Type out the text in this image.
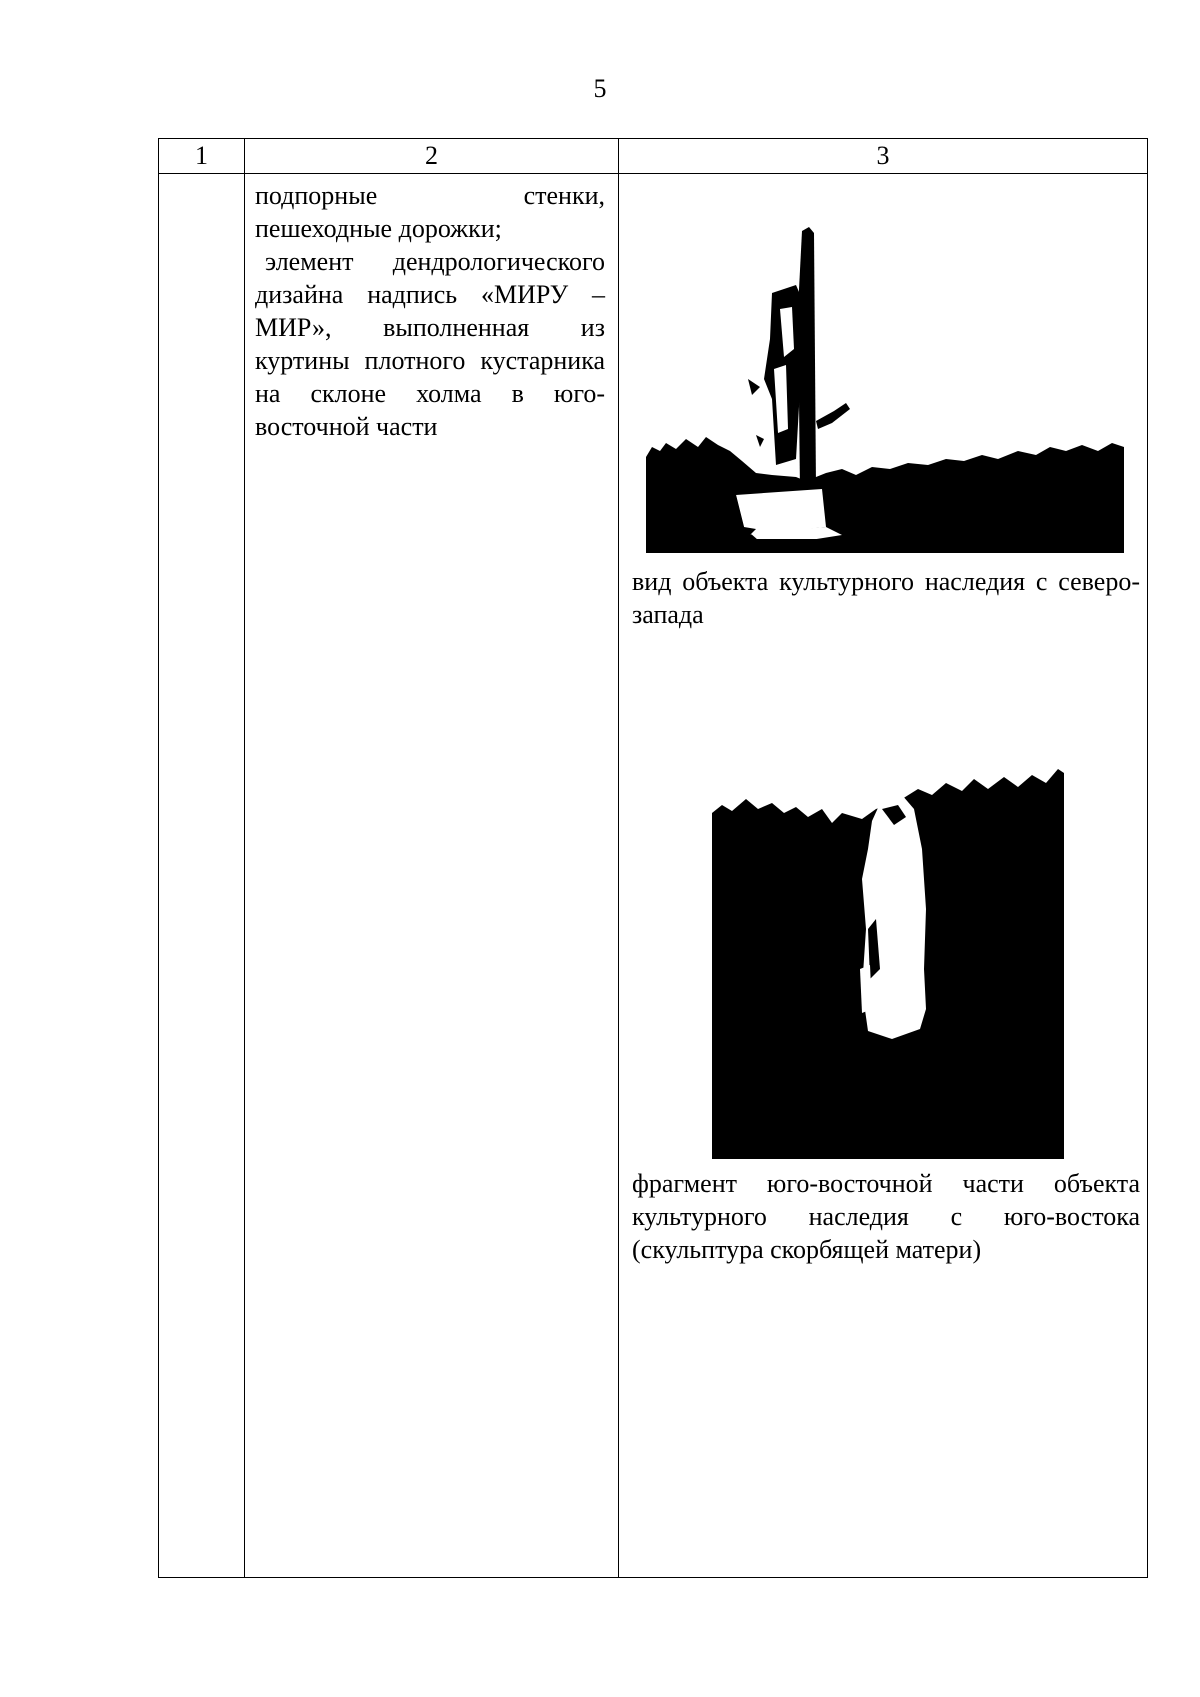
5
1	2	3

подпорные стенки, пешеходные дорожки;

элемент дендрологического дизайна надпись «МИРУ – МИР», выполненная из куртины плотного кустарника на склоне холма в юго-восточной части

вид объекта культурного наследия с северо-запада
фрагмент юго-восточной части объекта культурного наследия с юго-востока (скульптура скорбящей матери)
